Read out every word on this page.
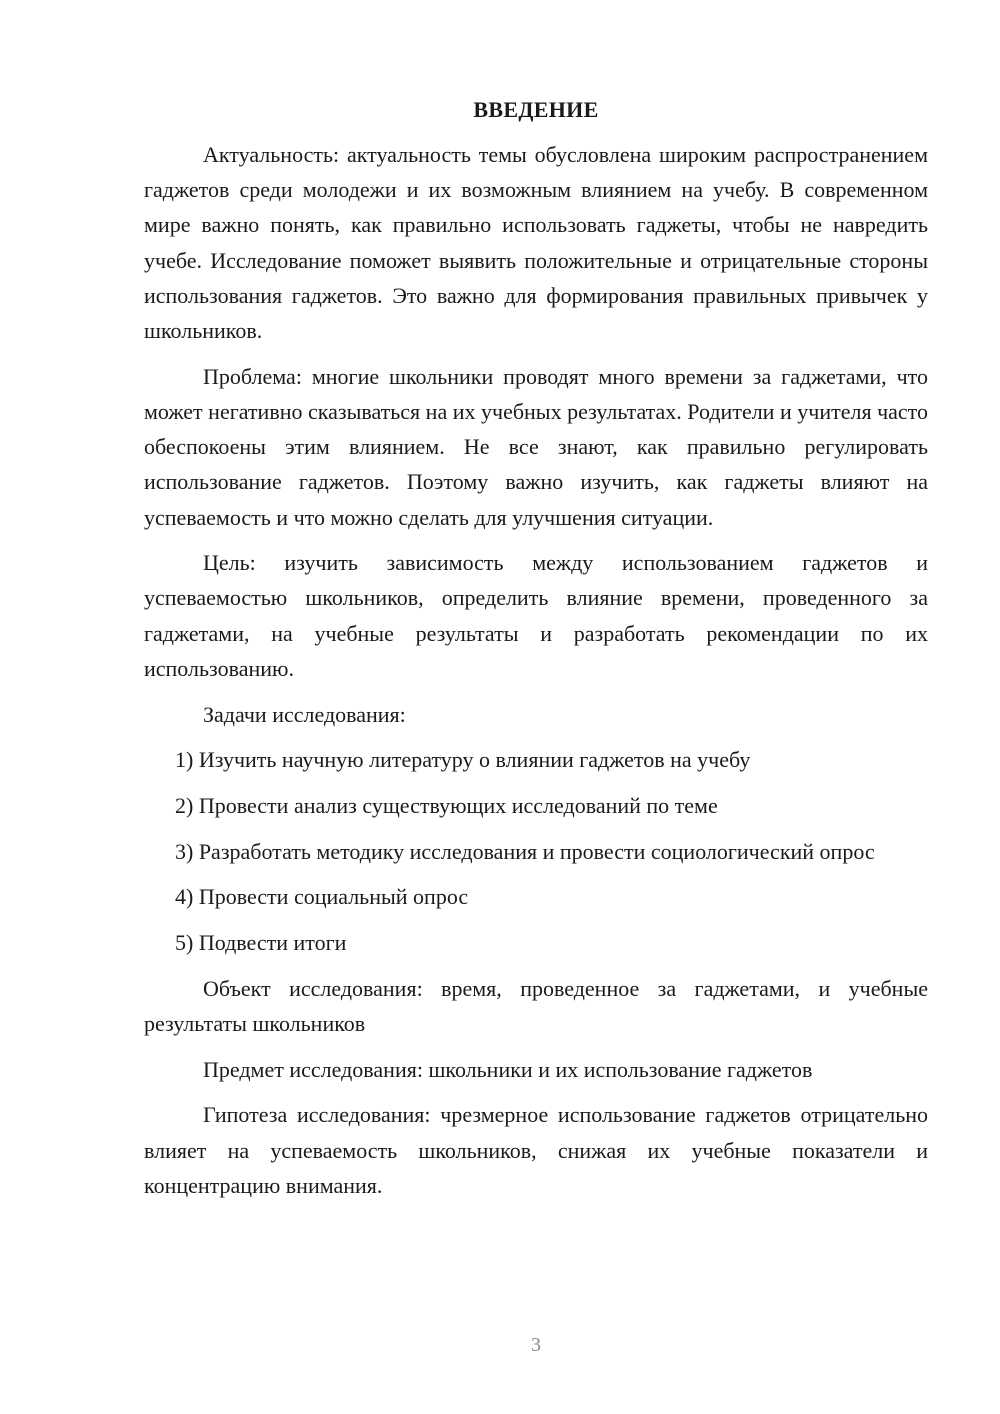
ВВЕДЕНИЕ

Актуальность: актуальность темы обусловлена широким распространением гаджетов среди молодежи и их возможным влиянием на учебу. В современном мире важно понять, как правильно использовать гаджеты, чтобы не навредить учебе. Исследование поможет выявить положительные и отрицательные стороны использования гаджетов. Это важно для формирования правильных привычек у школьников.

Проблема: многие школьники проводят много времени за гаджетами, что может негативно сказываться на их учебных результатах. Родители и учителя часто обеспокоены этим влиянием. Не все знают, как правильно регулировать использование гаджетов. Поэтому важно изучить, как гаджеты влияют на успеваемость и что можно сделать для улучшения ситуации.

Цель: изучить зависимость между использованием гаджетов и успеваемостью школьников, определить влияние времени, проведенного за гаджетами, на учебные результаты и разработать рекомендации по их использованию.

Задачи исследования:

1) Изучить научную литературу о влиянии гаджетов на учебу

2) Провести анализ существующих исследований по теме

3) Разработать методику исследования и провести социологический опрос

4) Провести социальный опрос

5) Подвести итоги

Объект исследования: время, проведенное за гаджетами, и учебные результаты школьников

Предмет исследования: школьники и их использование гаджетов

Гипотеза исследования: чрезмерное использование гаджетов отрицательно влияет на успеваемость школьников, снижая их учебные показатели и концентрацию внимания.

3
